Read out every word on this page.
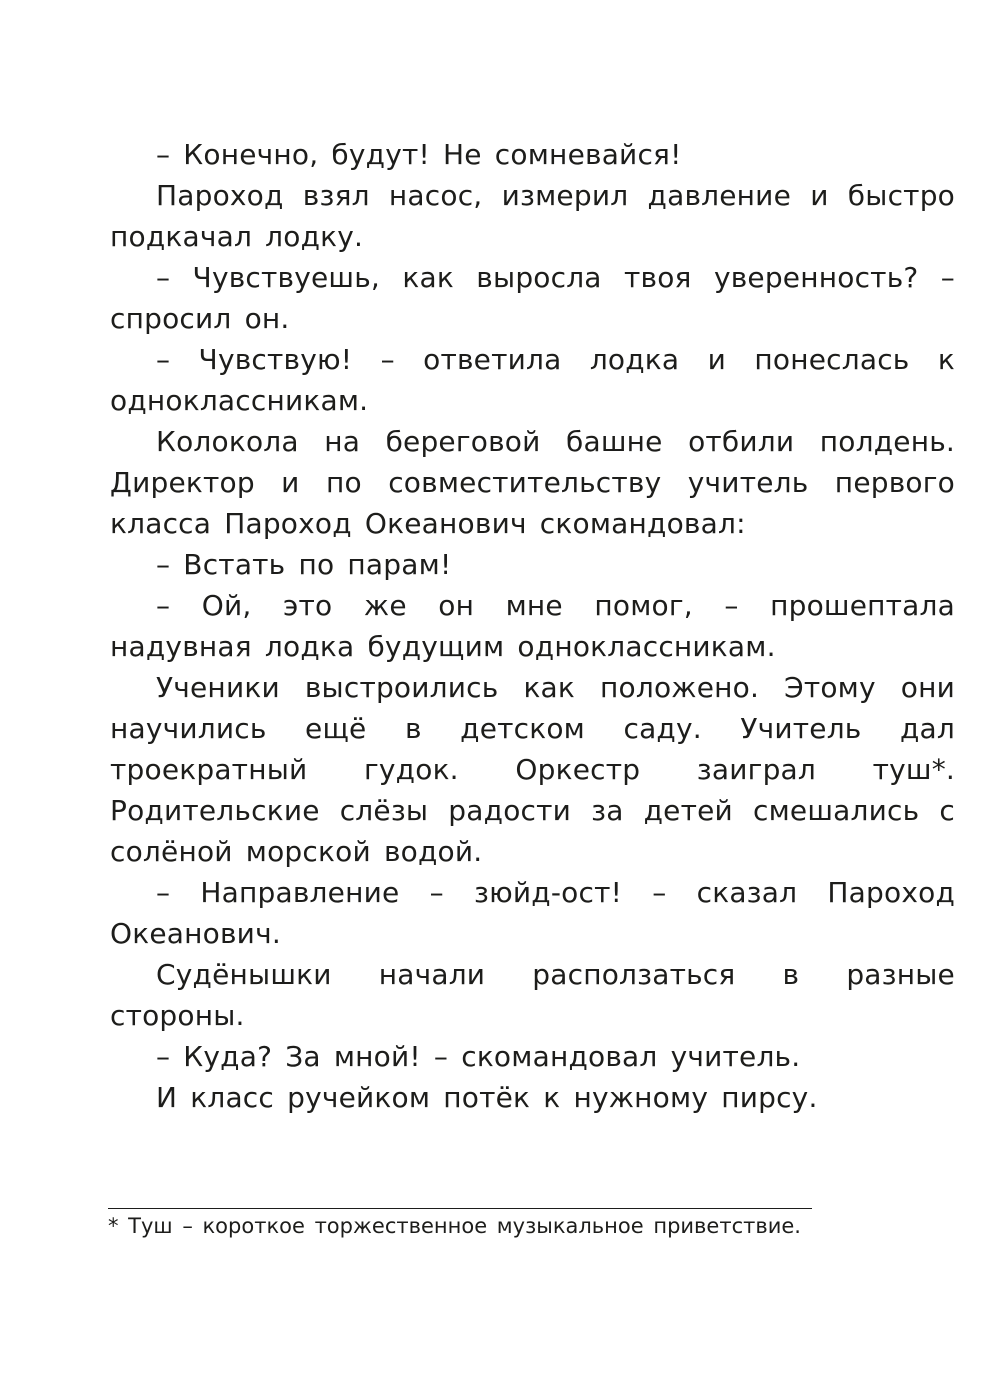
– Конечно, будут! Не сомневайся!

Пароход взял насос, измерил давление и быстро подкачал лодку.

– Чувствуешь, как выросла твоя уверенность? – спросил он.

– Чувствую! – ответила лодка и понеслась к одноклассникам.

Колокола на береговой башне отбили полдень. Директор и по совместительству учитель первого класса Пароход Океанович скомандовал:

– Встать по парам!

– Ой, это же он мне помог, – прошептала надувная лодка будущим одноклассникам.

Ученики выстроились как положено. Этому они научились ещё в детском саду. Учитель дал троекратный гудок. Оркестр заиграл туш*. Родительские слёзы радости за детей смешались с солёной морской водой.

– Направление – зюйд-ост! – сказал Пароход Океанович.

Судёнышки начали расползаться в разные стороны.

– Куда? За мной! – скомандовал учитель.

И класс ручейком потёк к нужному пирсу.

* Туш – короткое торжественное музыкальное приветствие.
